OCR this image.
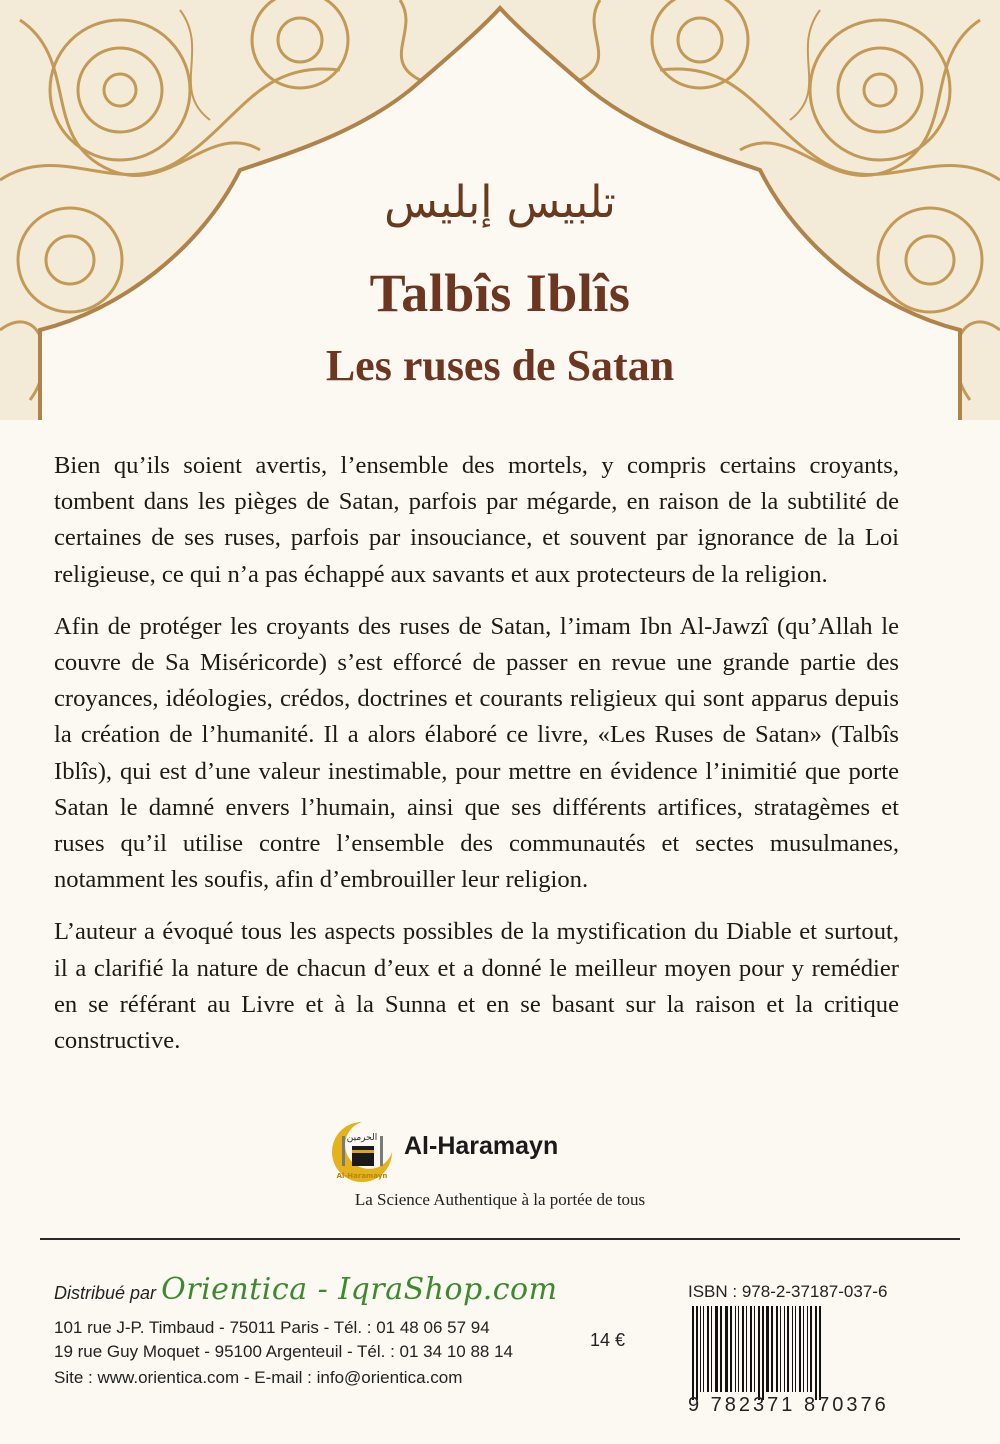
تلبيس إبليس
Talbîs Iblîs
Les ruses de Satan

Bien qu’ils soient avertis, l’ensemble des mortels, y compris certains croyants, tombent dans les pièges de Satan, parfois par mégarde, en raison de la subtilité de certaines de ses ruses, parfois par insouciance, et souvent par ignorance de la Loi religieuse, ce qui n’a pas échappé aux savants et aux protecteurs de la religion.

Afin de protéger les croyants des ruses de Satan, l’imam Ibn Al-Jawzî (qu’Allah le couvre de Sa Miséricorde) s’est efforcé de passer en revue une grande partie des croyances, idéologies, crédos, doctrines et courants religieux qui sont apparus depuis la création de l’humanité. Il a alors élaboré ce livre, «Les Ruses de Satan» (Talbîs Iblîs), qui est d’une valeur inestimable, pour mettre en évidence l’inimitié que porte Satan le damné envers l’humain, ainsi que ses différents artifices, stratagèmes et ruses qu’il utilise contre l’ensemble des communautés et sectes musulmanes, notamment les soufis, afin d’embrouiller leur religion.

L’auteur a évoqué tous les aspects possibles de la mystification du Diable et surtout, il a clarifié la nature de chacun d’eux et a donné le meilleur moyen pour y remédier en se référant au Livre et à la Sunna et en se basant sur la raison et la critique constructive.

الحرمين
Al-Haramayn
Al-Haramayn
La Science Authentique à la portée de tous
Distribué par Orientica - IqraShop.com
101 rue J-P. Timbaud - 75011 Paris - Tél. : 01 48 06 57 94
19 rue Guy Moquet - 95100 Argenteuil - Tél. : 01 34 10 88 14
Site : www.orientica.com - E-mail : info@orientica.com
14 €
ISBN : 978-2-37187-037-6
9 782371 870376
